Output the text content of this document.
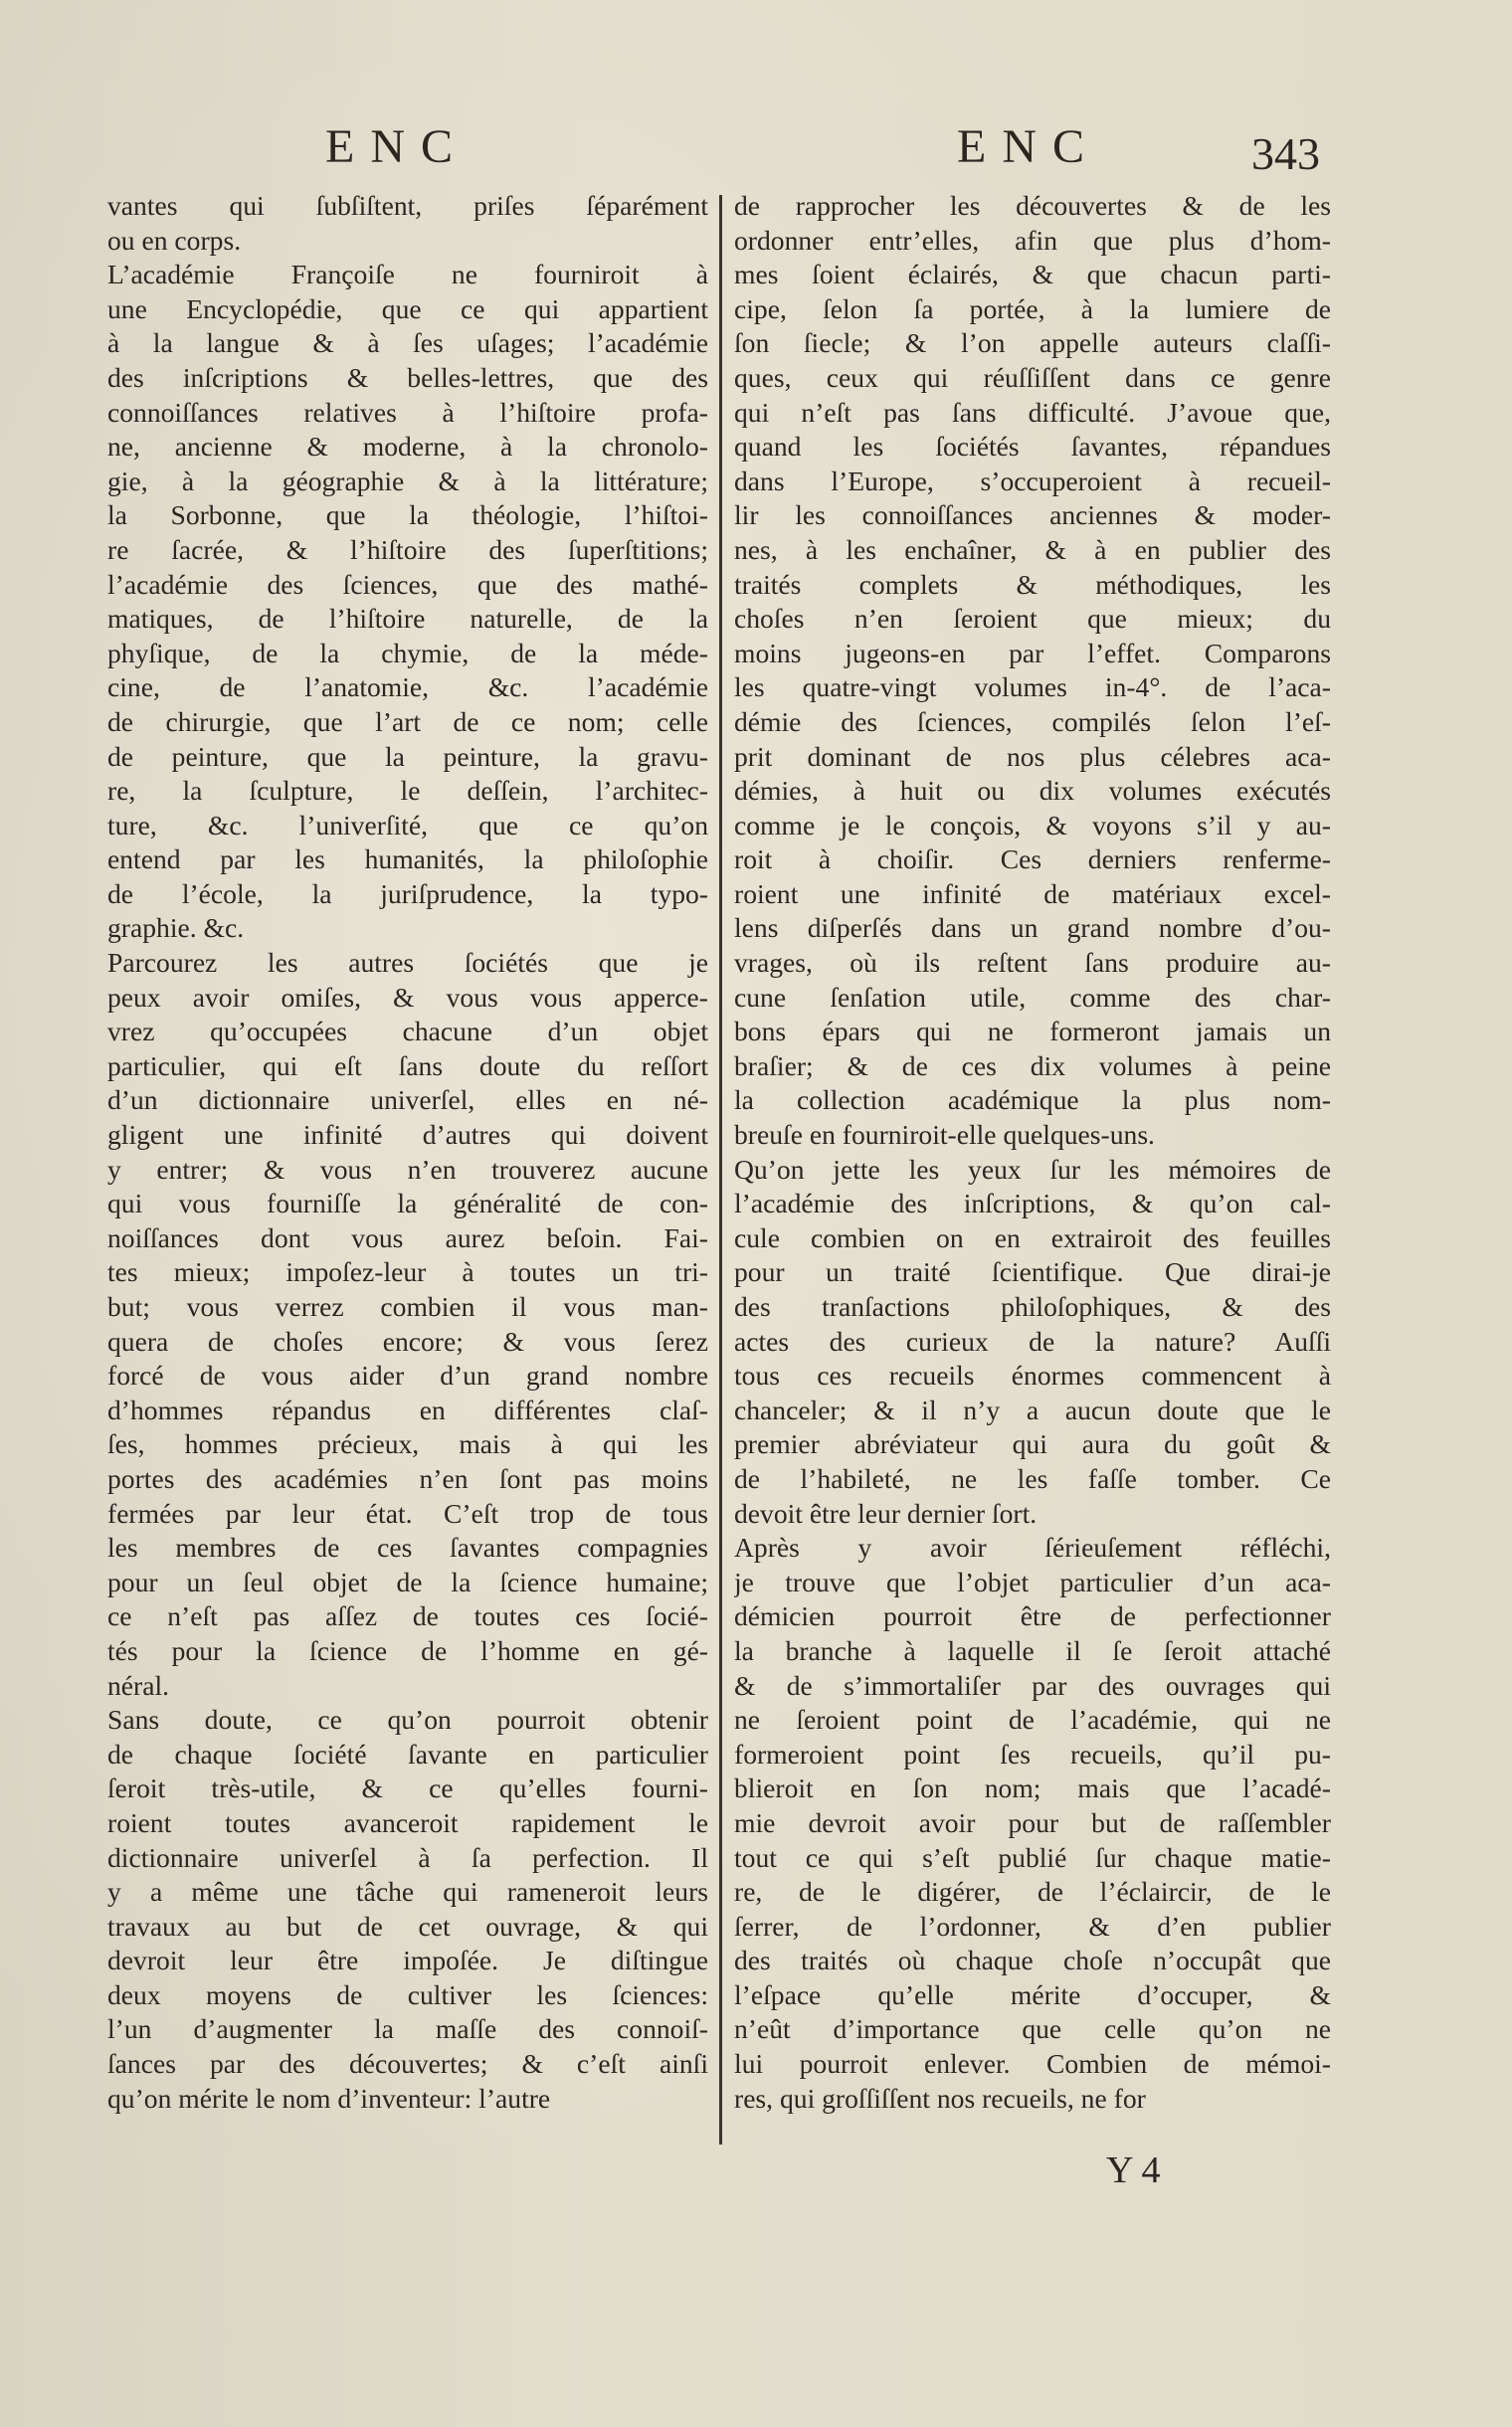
ENC	ENC	343
vantes qui ſubſiſtent, priſes ſéparément
ou en corps.
L’académie Françoiſe ne fourniroit à
une Encyclopédie, que ce qui appartient
à la langue & à ſes uſages; l’académie
des inſcriptions & belles-lettres, que des
connoiſſances relatives à l’hiſtoire profa-
ne, ancienne & moderne, à la chronolo-
gie, à la géographie & à la littérature;
la Sorbonne, que la théologie, l’hiſtoi-
re ſacrée, & l’hiſtoire des ſuperſtitions;
l’académie des ſciences, que des mathé-
matiques, de l’hiſtoire naturelle, de la
phyſique, de la chymie, de la méde-
cine, de l’anatomie, &c. l’académie
de chirurgie, que l’art de ce nom; celle
de peinture, que la peinture, la gravu-
re, la ſculpture, le deſſein, l’architec-
ture, &c. l’univerſité, que ce qu’on
entend par les humanités, la philoſophie
de l’école, la juriſprudence, la typo-
graphie. &c.
Parcourez les autres ſociétés que je
peux avoir omiſes, & vous vous apperce-
vrez qu’occupées chacune d’un objet
particulier, qui eſt ſans doute du reſſort
d’un dictionnaire univerſel, elles en né-
gligent une infinité d’autres qui doivent
y entrer; & vous n’en trouverez aucune
qui vous fourniſſe la généralité de con-
noiſſances dont vous aurez beſoin. Fai-
tes mieux; impoſez-leur à toutes un tri-
but; vous verrez combien il vous man-
quera de choſes encore; & vous ſerez
forcé de vous aider d’un grand nombre
d’hommes répandus en différentes claſ-
ſes, hommes précieux, mais à qui les
portes des académies n’en ſont pas moins
fermées par leur état. C’eſt trop de tous
les membres de ces ſavantes compagnies
pour un ſeul objet de la ſcience humaine;
ce n’eſt pas aſſez de toutes ces ſocié-
tés pour la ſcience de l’homme en gé-
néral.
Sans doute, ce qu’on pourroit obtenir
de chaque ſociété ſavante en particulier
ſeroit très-utile, & ce qu’elles fourni-
roient toutes avanceroit rapidement le
dictionnaire univerſel à ſa perfection. Il
y a même une tâche qui rameneroit leurs
travaux au but de cet ouvrage, & qui
devroit leur être impoſée. Je diſtingue
deux moyens de cultiver les ſciences:
l’un d’augmenter la maſſe des connoiſ-
ſances par des découvertes; & c’eſt ainſi
qu’on mérite le nom d’inventeur: l’autre
de rapprocher les découvertes & de les
ordonner entr’elles, afin que plus d’hom-
mes ſoient éclairés, & que chacun parti-
cipe, ſelon ſa portée, à la lumiere de
ſon ſiecle; & l’on appelle auteurs claſſi-
ques, ceux qui réuſſiſſent dans ce genre
qui n’eſt pas ſans difficulté. J’avoue que,
quand les ſociétés ſavantes, répandues
dans l’Europe, s’occuperoient à recueil-
lir les connoiſſances anciennes & moder-
nes, à les enchaîner, & à en publier des
traités complets & méthodiques, les
choſes n’en ſeroient que mieux; du
moins jugeons-en par l’effet. Comparons
les quatre-vingt volumes in-4°. de l’aca-
démie des ſciences, compilés ſelon l’eſ-
prit dominant de nos plus célebres aca-
démies, à huit ou dix volumes exécutés
comme je le conçois, & voyons s’il y au-
roit à choiſir. Ces derniers renferme-
roient une infinité de matériaux excel-
lens diſperſés dans un grand nombre d’ou-
vrages, où ils reſtent ſans produire au-
cune ſenſation utile, comme des char-
bons épars qui ne formeront jamais un
braſier; & de ces dix volumes à peine
la collection académique la plus nom-
breuſe en fourniroit-elle quelques-uns.
Qu’on jette les yeux ſur les mémoires de
l’académie des inſcriptions, & qu’on cal-
cule combien on en extrairoit des feuilles
pour un traité ſcientifique. Que dirai-je
des tranſactions philoſophiques, & des
actes des curieux de la nature? Auſſi
tous ces recueils énormes commencent à
chanceler; & il n’y a aucun doute que le
premier abréviateur qui aura du goût &
de l’habileté, ne les faſſe tomber. Ce
devoit être leur dernier ſort.
Après y avoir ſérieuſement réfléchi,
je trouve que l’objet particulier d’un aca-
démicien pourroit être de perfectionner
la branche à laquelle il ſe ſeroit attaché
& de s’immortaliſer par des ouvrages qui
ne ſeroient point de l’académie, qui ne
formeroient point ſes recueils, qu’il pu-
blieroit en ſon nom; mais que l’acadé-
mie devroit avoir pour but de raſſembler
tout ce qui s’eſt publié ſur chaque matie-
re, de le digérer, de l’éclaircir, de le
ſerrer, de l’ordonner, & d’en publier
des traités où chaque choſe n’occupât que
l’eſpace qu’elle mérite d’occuper, &
n’eût d’importance que celle qu’on ne
lui pourroit enlever. Combien de mémoi-
res, qui groſſiſſent nos recueils, ne for
Y 4
